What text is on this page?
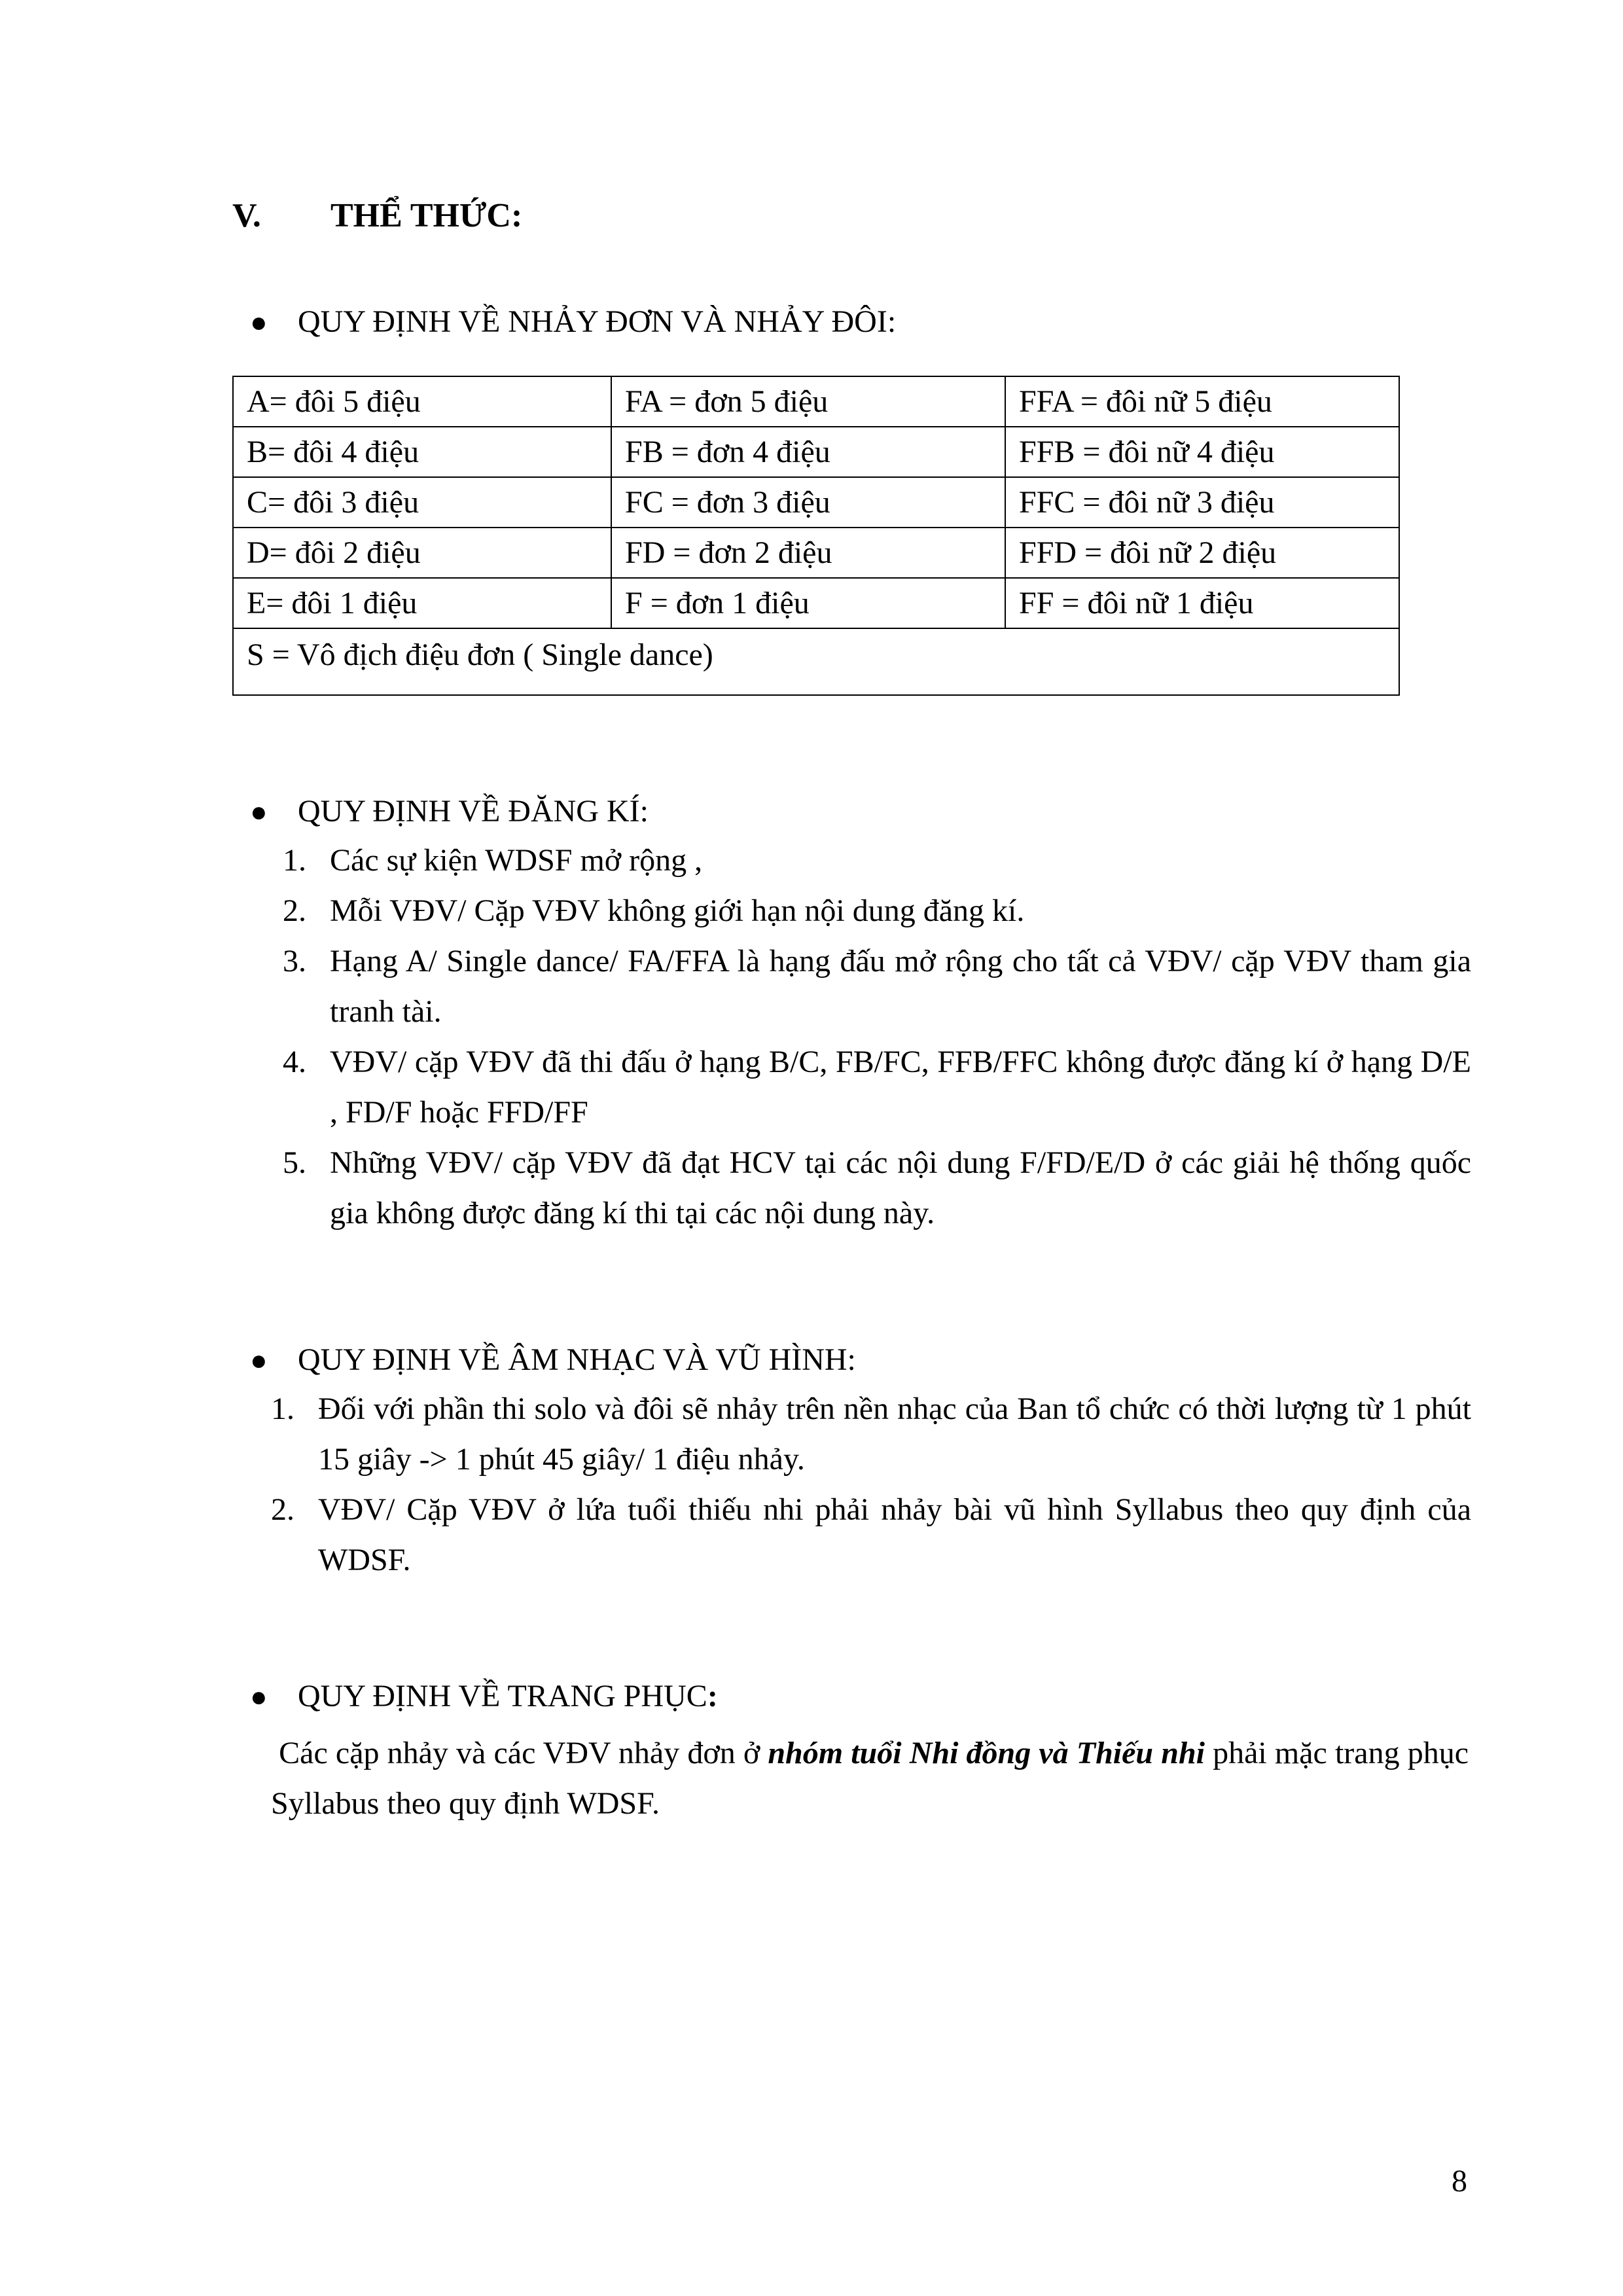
V. THỂ THỨC:
● QUY ĐỊNH VỀ NHẢY ĐƠN VÀ NHẢY ĐÔI:
A= đôi 5 điệu	FA = đơn 5 điệu	FFA = đôi nữ 5 điệu
B= đôi 4 điệu	FB = đơn 4 điệu	FFB = đôi nữ 4 điệu
C= đôi 3 điệu	FC = đơn 3 điệu	FFC = đôi nữ 3 điệu
D= đôi 2 điệu	FD = đơn 2 điệu	FFD = đôi nữ 2 điệu
E= đôi 1 điệu	F = đơn 1 điệu	FF = đôi nữ 1 điệu
S = Vô địch điệu đơn ( Single dance)		
● QUY ĐỊNH VỀ ĐĂNG KÍ:
1. Các sự kiện WDSF mở rộng ,
2. Mỗi VĐV/ Cặp VĐV không giới hạn nội dung đăng kí.
3. Hạng A/ Single dance/ FA/FFA là hạng đấu mở rộng cho tất cả VĐV/ cặp VĐV tham gia tranh tài.
4. VĐV/ cặp VĐV đã thi đấu ở hạng B/C, FB/FC, FFB/FFC không được đăng kí ở hạng D/E , FD/F hoặc FFD/FF
5. Những VĐV/ cặp VĐV đã đạt HCV tại các nội dung F/FD/E/D ở các giải hệ thống quốc gia không được đăng kí thi tại các nội dung này.
● QUY ĐỊNH VỀ ÂM NHẠC VÀ VŨ HÌNH:
1. Đối với phần thi solo và đôi sẽ nhảy trên nền nhạc của Ban tổ chức có thời lượng từ 1 phút 15 giây -> 1 phút 45 giây/ 1 điệu nhảy.
2. VĐV/ Cặp VĐV ở lứa tuổi thiếu nhi phải nhảy bài vũ hình Syllabus theo quy định của WDSF.
● QUY ĐỊNH VỀ TRANG PHỤC:
Các cặp nhảy và các VĐV nhảy đơn ở nhóm tuổi Nhi đồng và Thiếu nhi phải mặc trang phục Syllabus theo quy định WDSF.
8
